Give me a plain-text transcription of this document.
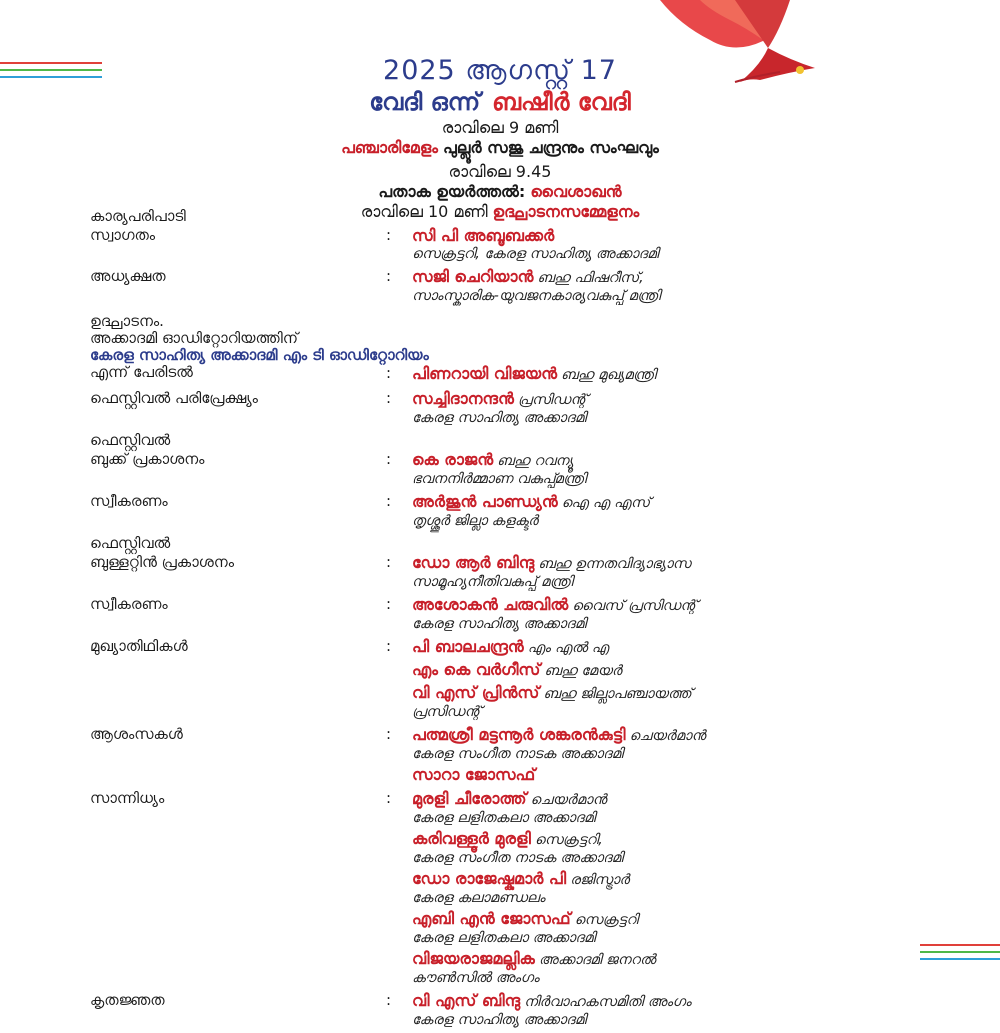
2025 ആഗസ്റ്റ് 17
വേദി ഒന്ന് ബഷീർ വേദി
രാവിലെ 9 മണി
പഞ്ചാരിമേളം പുല്ലൂർ സജു ചന്ദ്രനും സംഘവും
രാവിലെ 9.45
പതാക ഉയർത്തൽ: വൈശാഖൻ
രാവിലെ 10 മണി ഉദ്ഘാടനസമ്മേളനം
കാര്യപരിപാടി
സ്വാഗതം	:	സി പി അബൂബക്കർ
സെക്രട്ടറി, കേരള സാഹിത്യ അക്കാദമി
അധ്യക്ഷത	:	സജി ചെറിയാൻ ബഹു ഫിഷറീസ്,
സാംസ്കാരിക-യുവജനകാര്യവകുപ്പ് മന്ത്രി
ഉദ്ഘാടനം.
അക്കാദമി ഓഡിറ്റോറിയത്തിന്
കേരള സാഹിത്യ അക്കാദമി എം ടി ഓഡിറ്റോറിയം
എന്ന് പേരിടൽ	:	പിണറായി വിജയൻ ബഹു മുഖ്യമന്ത്രി
ഫെസ്റ്റിവൽ പരിപ്രേക്ഷ്യം	:	സച്ചിദാനന്ദൻ പ്രസിഡന്റ്
കേരള സാഹിത്യ അക്കാദമി
ഫെസ്റ്റിവൽ
ബുക്ക് പ്രകാശനം	:	കെ രാജൻ ബഹു റവന്യൂ
ഭവനനിർമ്മാണ വകുപ്പ്മന്ത്രി
സ്വീകരണം	:	അർജുൻ പാണ്ഡ്യൻ ഐ എ എസ്
തൃശ്ശൂർ ജില്ലാ കളക്ടർ
ഫെസ്റ്റിവൽ
ബുള്ളറ്റിൻ പ്രകാശനം	:	ഡോ ആർ ബിന്ദു ബഹു ഉന്നതവിദ്യാഭ്യാസ
സാമൂഹ്യനീതിവകുപ്പ് മന്ത്രി
സ്വീകരണം	:	അശോകൻ ചരുവിൽ വൈസ് പ്രസിഡന്റ്
കേരള സാഹിത്യ അക്കാദമി
മുഖ്യാതിഥികൾ	:	പി ബാലചന്ദ്രൻ എം എൽ എ
എം കെ വർഗീസ് ബഹു മേയർ
വി എസ് പ്രിൻസ് ബഹു ജില്ലാപഞ്ചായത്ത്
പ്രസിഡന്റ്
ആശംസകൾ	:	പത്മശ്രീ മട്ടന്നൂർ ശങ്കരൻകുട്ടി ചെയർമാൻ
കേരള സംഗീത നാടക അക്കാദമി
സാറാ ജോസഫ്
സാന്നിധ്യം	:	മുരളി ചീരോത്ത് ചെയർമാൻ
കേരള ലളിതകലാ അക്കാദമി
കരിവള്ളൂർ മുരളി സെക്രട്ടറി,
കേരള സംഗീത നാടക അക്കാദമി
ഡോ രാജേഷ്കുമാർ പി രജിസ്ട്രാർ
കേരള കലാമണ്ഡലം
എബി എൻ ജോസഫ് സെക്രട്ടറി
കേരള ലളിതകലാ അക്കാദമി
വിജയരാജമല്ലിക അക്കാദമി ജനറൽ
കൗൺസിൽ അംഗം
കൃതജ്ഞത	:	വി എസ് ബിന്ദു നിർവാഹകസമിതി അംഗം
കേരള സാഹിത്യ അക്കാദമി
